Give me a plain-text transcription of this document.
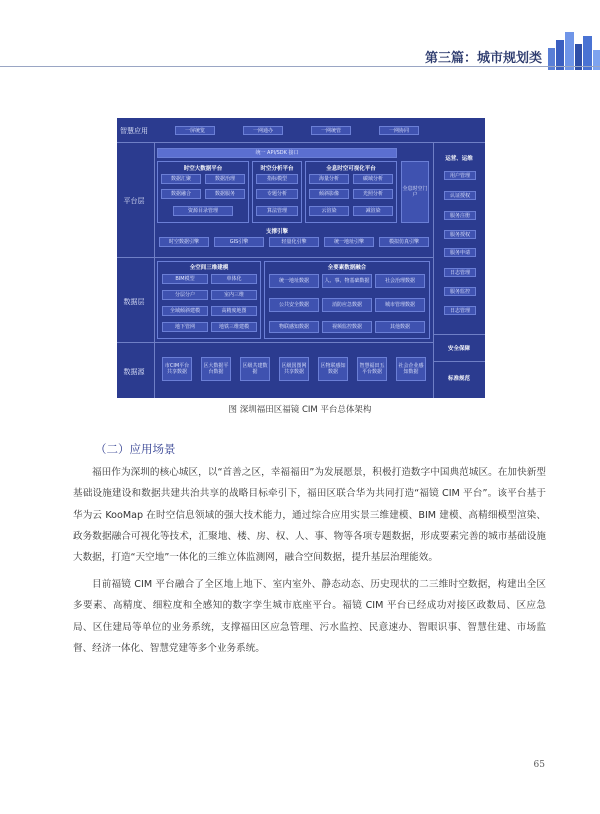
第三篇：城市规划类
智慧应用
平台层
数据层
数据源
一屏统览	一网通办	一网统管	一网协同
统一 API/SDK 接口
时空大数据平台
数据汇聚	数据治理
数据融合	数据服务
资源目录管理
时空分析平台
指标模型
专题分析
算法管理
全息时空可视化平台
海量分析	碳域分析
倾斜影像	光照分析
云渲染	减渲染
全息时空门户
支撑引擎
时空数据引擎	GIS引擎	轻量化引擎	统一地址引擎	模拟仿真引擎
全空间三维建模
BIM模型	单体化
分层分户	室内三维
全域倾斜建模	高精度地图
地下管网	地铁三维建模
全要素数据融合
统一地址数据	人、事、物基础数据	社会治理数据
公共安全数据	消防应急数据	城市管理数据
物联感知数据	视频监控数据	其他数据
运营、运维
用户管理
认证授权
服务注册
服务授权
服务申请
日志管理
服务监控
日志管理
安全保障
标准规范
市CIM平台共享数据
区大数据平台数据
区级共建数据
区级国图网共享数据
区物联感知数据
智慧福田五平台数据
社会企业感知数据
图 深圳福田区福镜 CIM 平台总体架构
（二）应用场景

福田作为深圳的核心城区，以“首善之区，幸福福田”为发展愿景，积极打造数字中国典范城区。在加快新型基础设施建设和数据共建共治共享的战略目标牵引下，福田区联合华为共同打造“福镜 CIM 平台”。该平台基于华为云 KooMap 在时空信息领域的强大技术能力，通过综合应用实景三维建模、BIM 建模、高精细模型渲染、政务数据融合可视化等技术，汇聚地、楼、房、权、人、事、物等各项专题数据，形成要素完善的城市基础设施大数据，打造“天空地”一体化的三维立体监测网，融合空间数据，提升基层治理能效。

目前福镜 CIM 平台融合了全区地上地下、室内室外、静态动态、历史现状的二三维时空数据，构建出全区多要素、高精度、细粒度和全感知的数字孪生城市底座平台。福镜 CIM 平台已经成功对接区政数局、区应急局、区住建局等单位的业务系统，支撑福田区应急管理、污水监控、民意速办、智眼识事、智慧住建、市场监督、经济一体化、智慧党建等多个业务系统。

65
